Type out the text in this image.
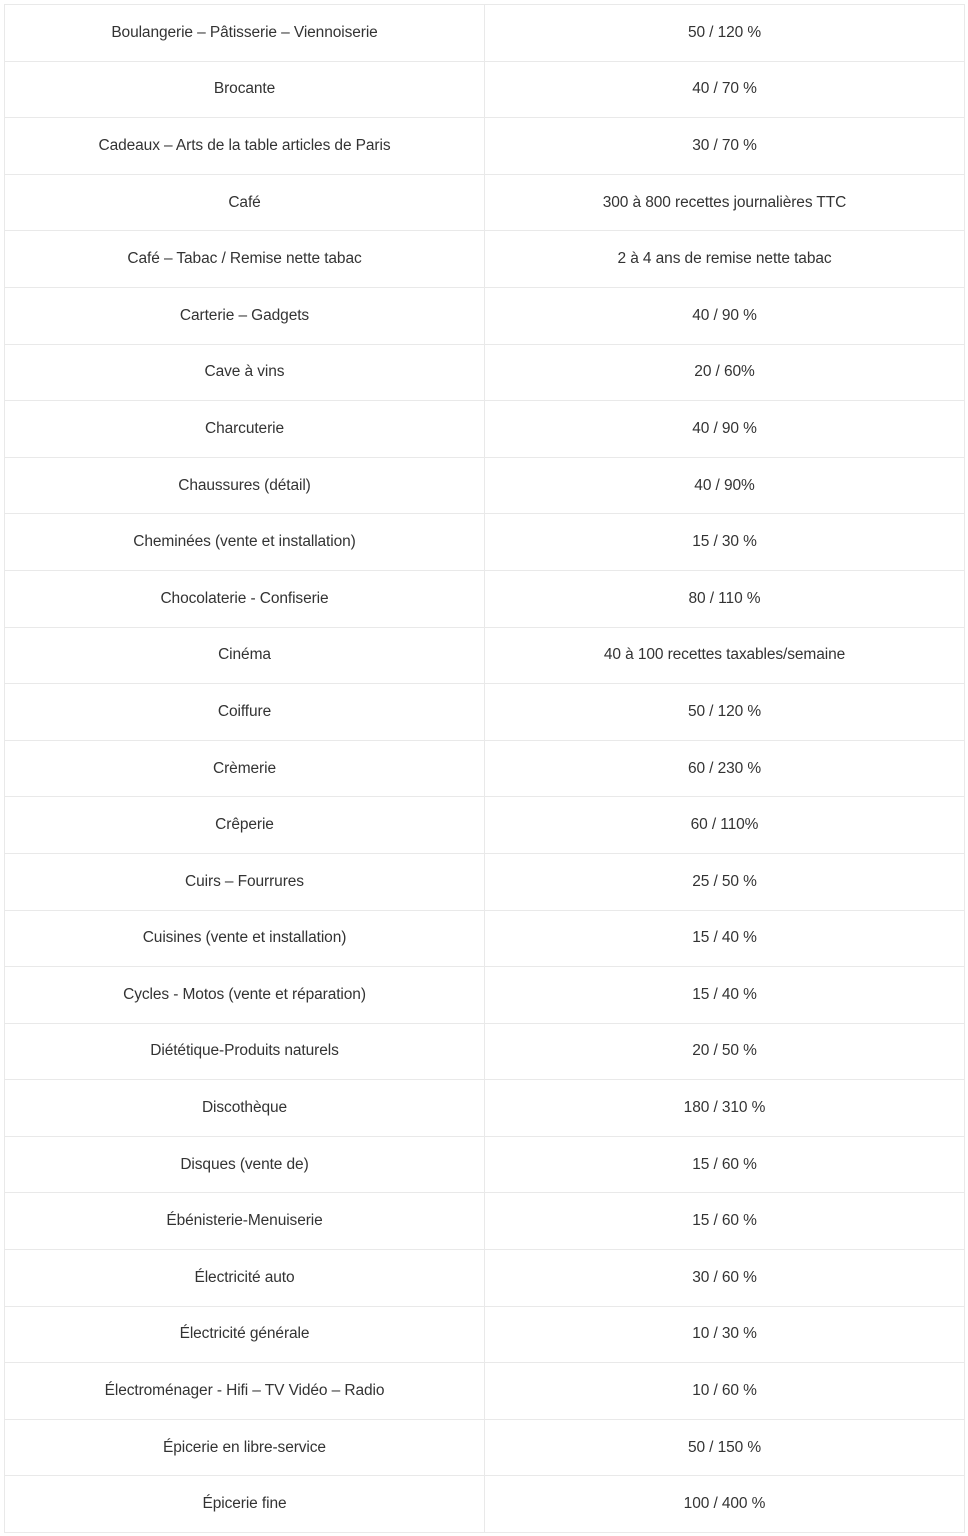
Boulangerie – Pâtisserie – Viennoiserie	50 / 120 %
Brocante	40 / 70 %
Cadeaux – Arts de la table articles de Paris	30 / 70 %
Café	300 à 800 recettes journalières TTC
Café – Tabac / Remise nette tabac	2 à 4 ans de remise nette tabac
Carterie – Gadgets	40 / 90 %
Cave à vins	20 / 60%
Charcuterie	40 / 90 %
Chaussures (détail)	40 / 90%
Cheminées (vente et installation)	15 / 30 %
Chocolaterie - Confiserie	80 / 110 %
Cinéma	40 à 100 recettes taxables/semaine
Coiffure	50 / 120 %
Crèmerie	60 / 230 %
Crêperie	60 / 110%
Cuirs – Fourrures	25 / 50 %
Cuisines (vente et installation)	15 / 40 %
Cycles - Motos (vente et réparation)	15 / 40 %
Diététique-Produits naturels	20 / 50 %
Discothèque	180 / 310 %
Disques (vente de)	15 / 60 %
Ébénisterie-Menuiserie	15 / 60 %
Électricité auto	30 / 60 %
Électricité générale	10 / 30 %
Électroménager - Hifi – TV Vidéo – Radio	10 / 60 %
Épicerie en libre-service	50 / 150 %
Épicerie fine	100 / 400 %
